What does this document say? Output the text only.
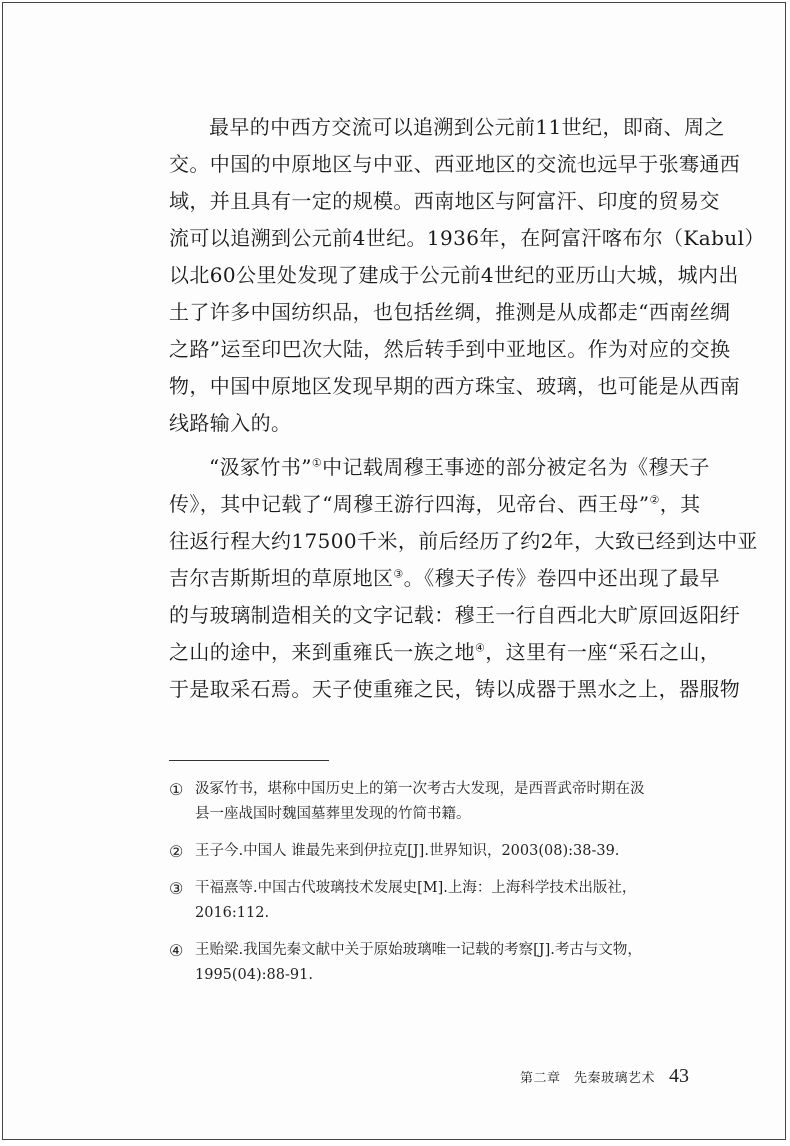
最早的中西方交流可以追溯到公元前11世纪，即商、周之

交。中国的中原地区与中亚、西亚地区的交流也远早于张骞通西

域，并且具有一定的规模。西南地区与阿富汗、印度的贸易交

流可以追溯到公元前4世纪。1936年，在阿富汗喀布尔（Kabul）

以北60公里处发现了建成于公元前4世纪的亚历山大城，城内出

土了许多中国纺织品，也包括丝绸，推测是从成都走“西南丝绸

之路”运至印巴次大陆，然后转手到中亚地区。作为对应的交换

物，中国中原地区发现早期的西方珠宝、玻璃，也可能是从西南

线路输入的。

“汲冢竹书”①中记载周穆王事迹的部分被定名为《穆天子

传》，其中记载了“周穆王游行四海，见帝台、西王母”②，其

往返行程大约17500千米，前后经历了约2年，大致已经到达中亚

吉尔吉斯斯坦的草原地区③。《穆天子传》卷四中还出现了最早

的与玻璃制造相关的文字记载：穆王一行自西北大旷原回返阳纡

之山的途中，来到重雍氏一族之地④，这里有一座“采石之山，

于是取采石焉。天子使重雍之民，铸以成器于黑水之上，器服物

① 汲冢竹书，堪称中国历史上的第一次考古大发现，是西晋武帝时期在汲
县一座战国时魏国墓葬里发现的竹简书籍。
② 王子今.中国人 谁最先来到伊拉克[J].世界知识，2003(08):38-39.
③ 干福熹等.中国古代玻璃技术发展史[M].上海：上海科学技术出版社，
2016:112.
④ 王贻梁.我国先秦文献中关于原始玻璃唯一记载的考察[J].考古与文物，
1995(04):88-91.
第二章　先秦玻璃艺术 43
